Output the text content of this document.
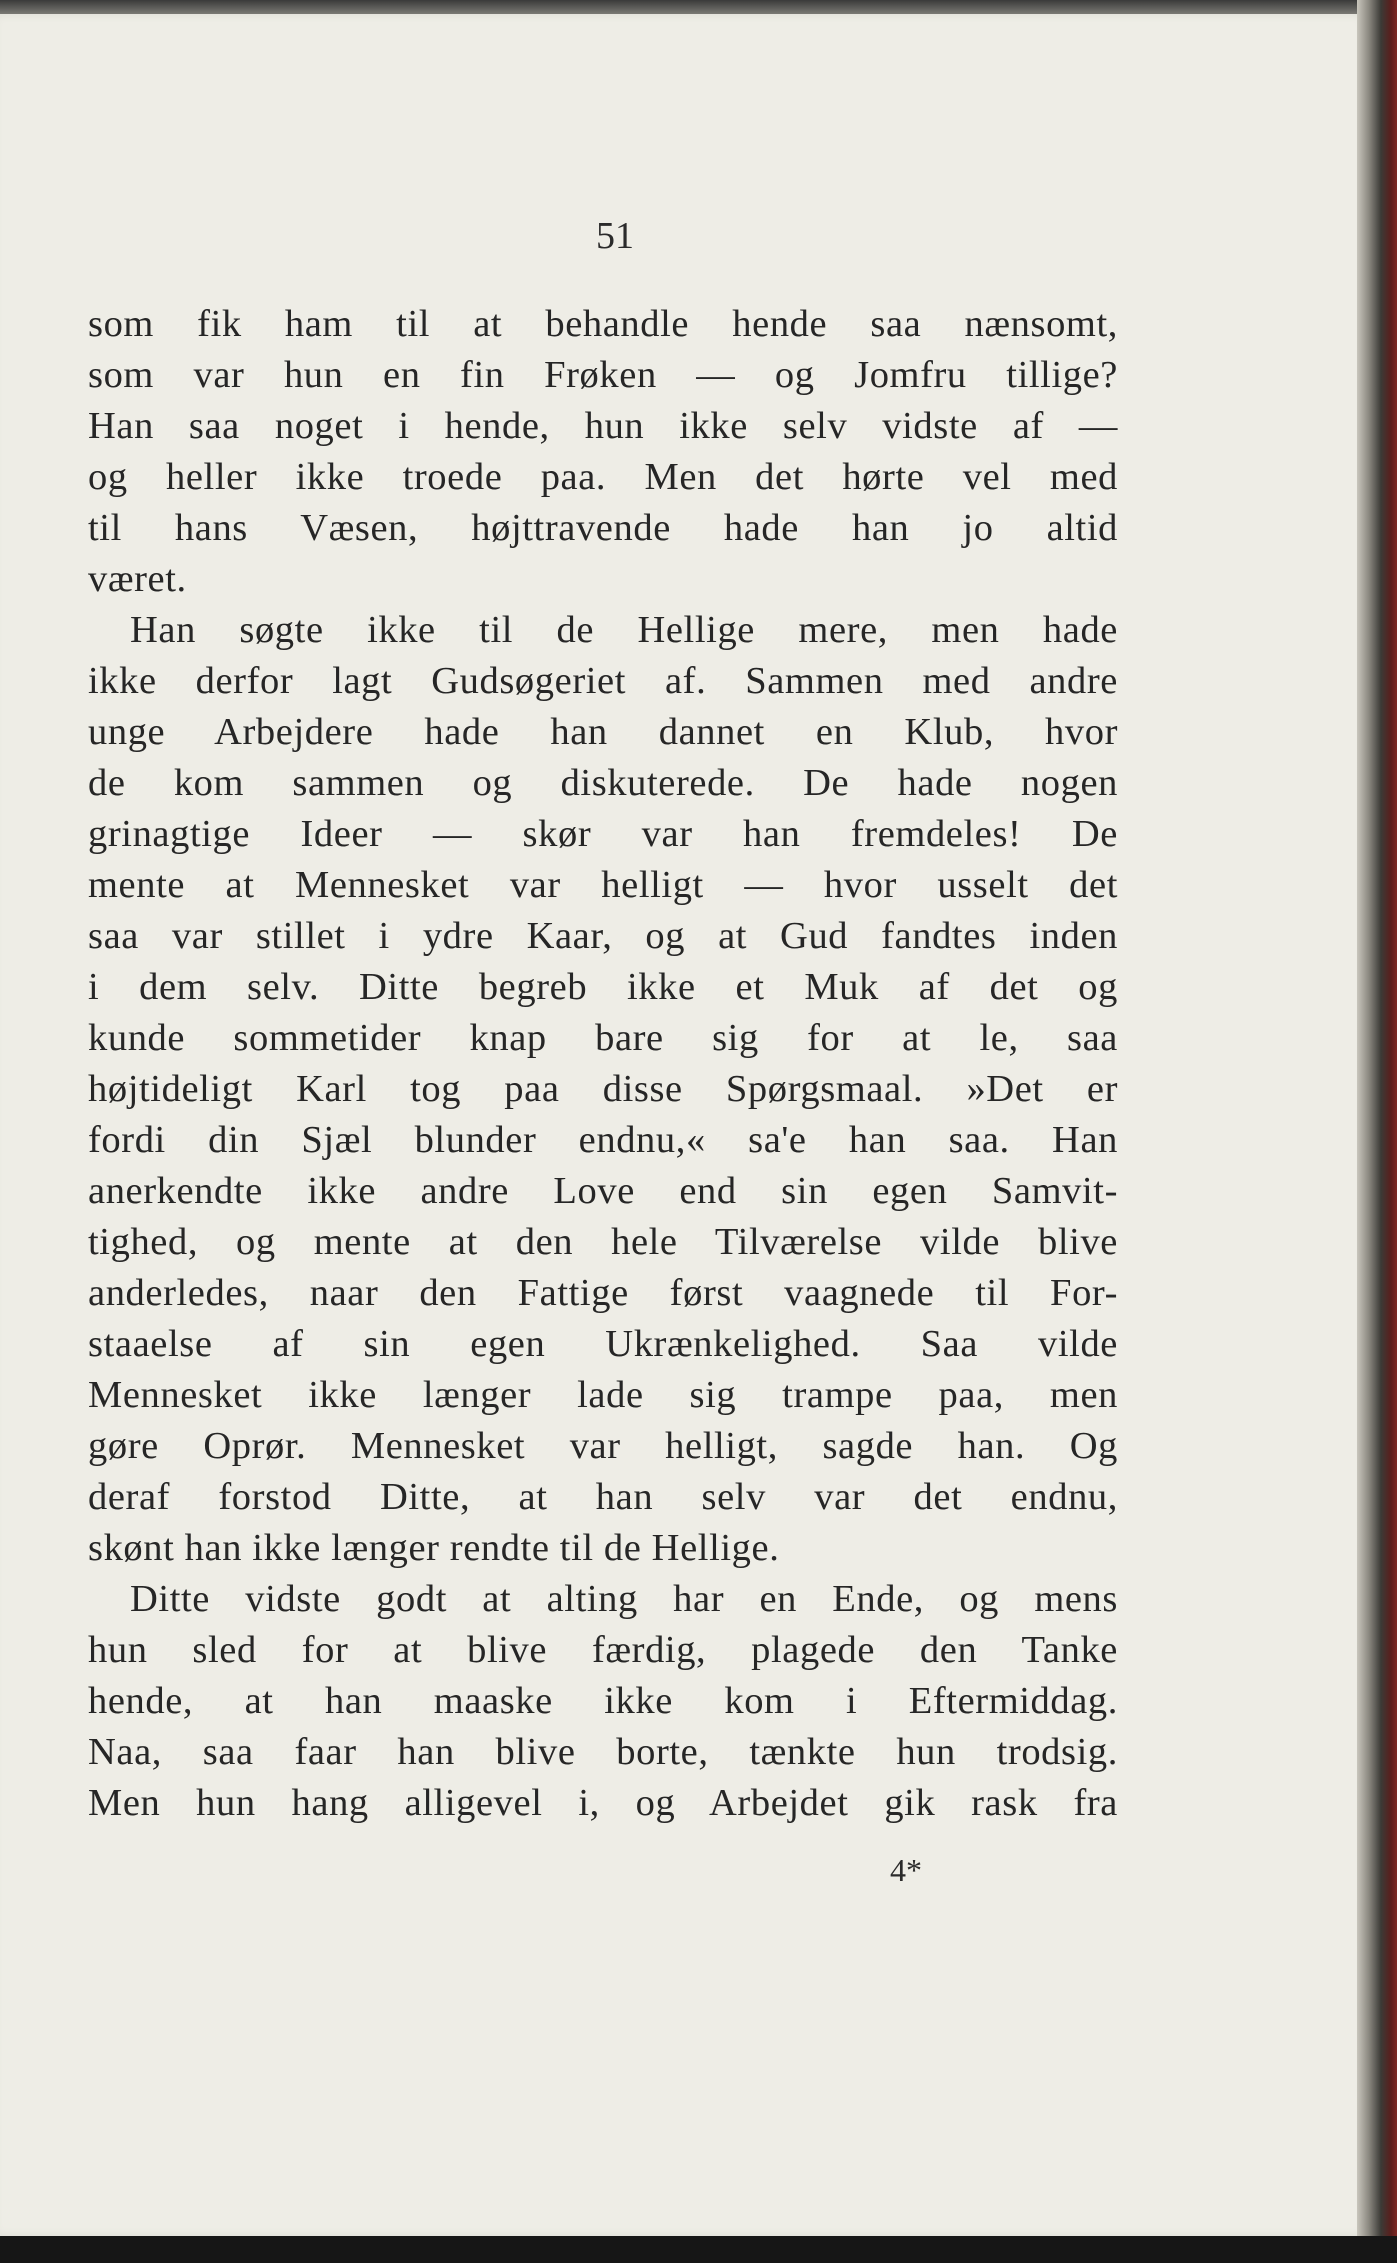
51

som fik ham til at behandle hende saa nænsomt,
som var hun en fin Frøken — og Jomfru tillige?
Han saa noget i hende, hun ikke selv vidste af —
og heller ikke troede paa. Men det hørte vel med
til hans Væsen, højttravende hade han jo altid
været.
Han søgte ikke til de Hellige mere, men hade
ikke derfor lagt Gudsøgeriet af. Sammen med andre
unge Arbejdere hade han dannet en Klub, hvor
de kom sammen og diskuterede. De hade nogen
grinagtige Ideer — skør var han fremdeles! De
mente at Mennesket var helligt — hvor usselt det
saa var stillet i ydre Kaar, og at Gud fandtes inden
i dem selv. Ditte begreb ikke et Muk af det og
kunde sommetider knap bare sig for at le, saa
højtideligt Karl tog paa disse Spørgsmaal. »Det er
fordi din Sjæl blunder endnu,« sa'e han saa. Han
anerkendte ikke andre Love end sin egen Samvit-
tighed, og mente at den hele Tilværelse vilde blive
anderledes, naar den Fattige først vaagnede til For-
staaelse af sin egen Ukrænkelighed. Saa vilde
Mennesket ikke længer lade sig trampe paa, men
gøre Oprør. Mennesket var helligt, sagde han. Og
deraf forstod Ditte, at han selv var det endnu,
skønt han ikke længer rendte til de Hellige.
Ditte vidste godt at alting har en Ende, og mens
hun sled for at blive færdig, plagede den Tanke
hende, at han maaske ikke kom i Eftermiddag.
Naa, saa faar han blive borte, tænkte hun trodsig.
Men hun hang alligevel i, og Arbejdet gik rask fra

4*
